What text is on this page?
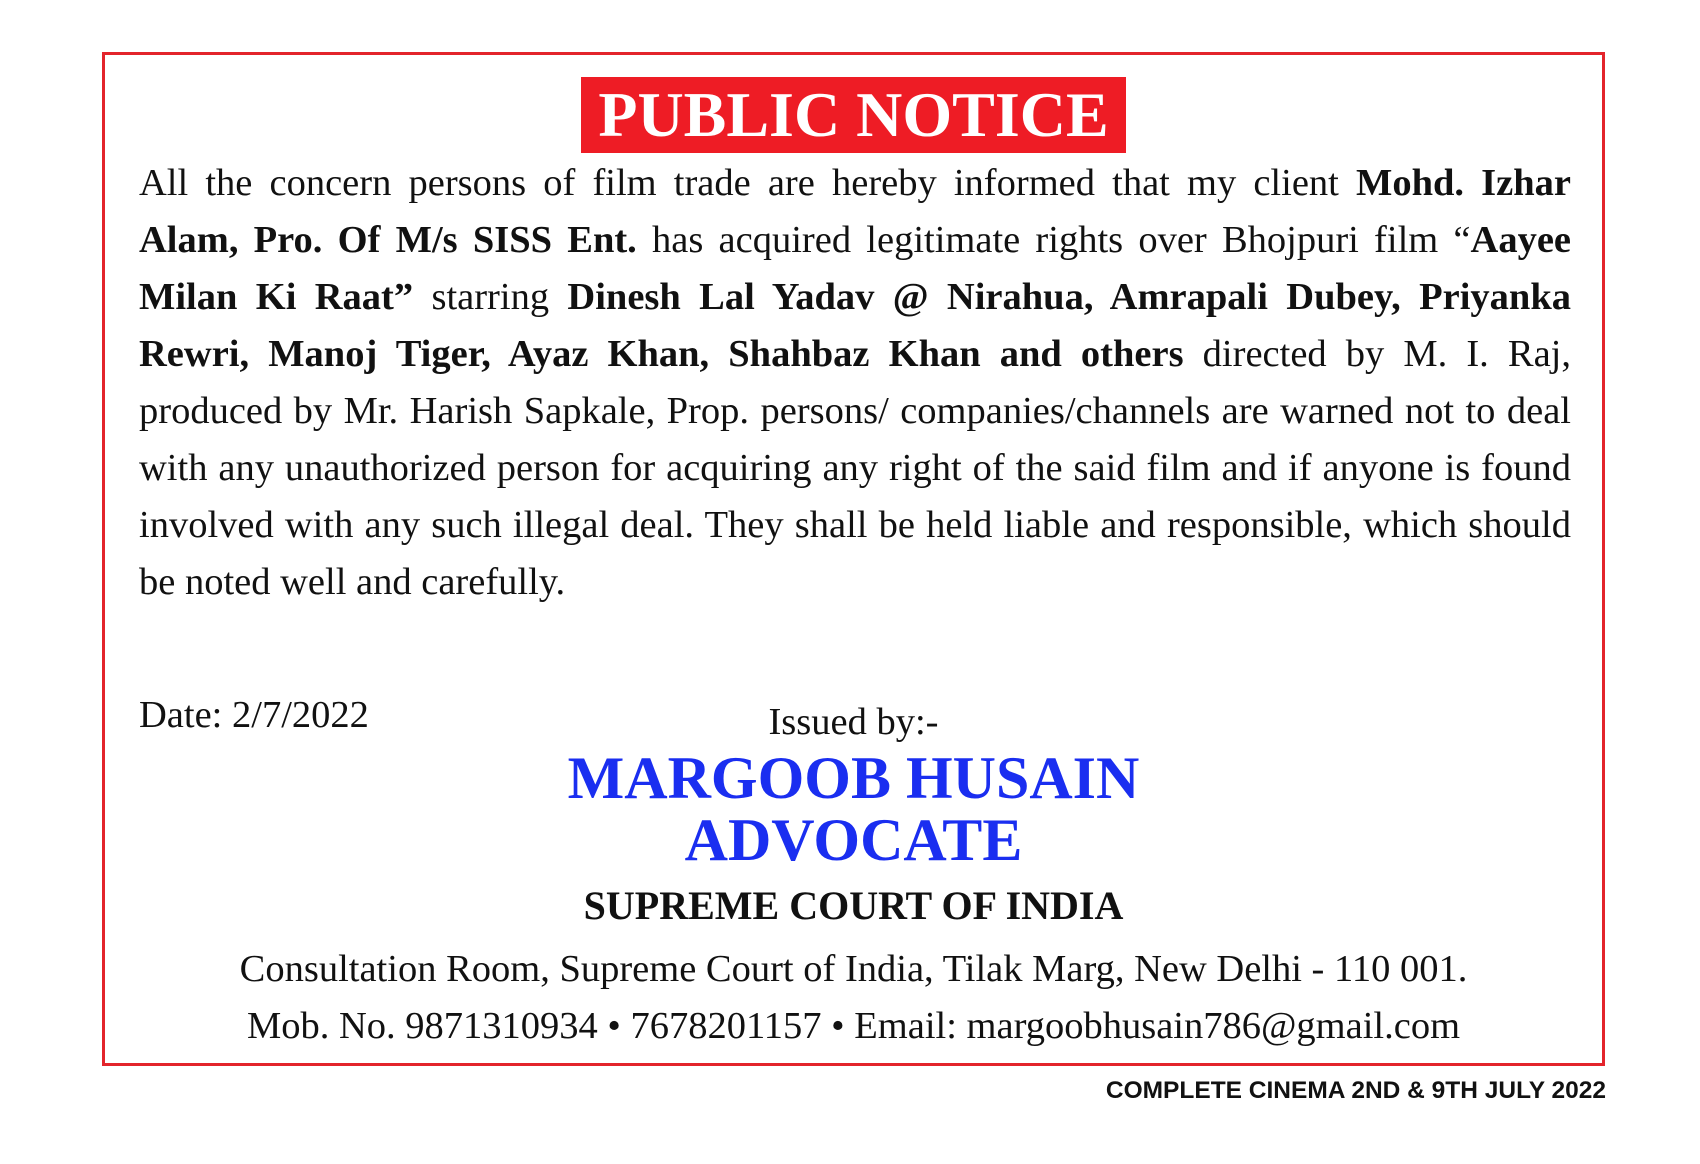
PUBLIC NOTICE
All the concern persons of film trade are hereby informed that my client Mohd. Izhar Alam, Pro. Of M/s SISS Ent. has acquired legitimate rights over Bhojpuri film “Aayee Milan Ki Raat” starring Dinesh Lal Yadav @ Nirahua, Amrapali Dubey, Priyanka Rewri, Manoj Tiger, Ayaz Khan, Shahbaz Khan and others directed by M. I. Raj, produced by Mr. Harish Sapkale, Prop. persons/ companies/channels are warned not to deal with any unauthorized person for acquiring any right of the said film and if anyone is found involved with any such illegal deal. They shall be held liable and responsible, which should be noted well and carefully.
Date: 2/7/2022	Issued by:-
MARGOOB HUSAIN
ADVOCATE
SUPREME COURT OF INDIA
Consultation Room, Supreme Court of India, Tilak Marg, New Delhi - 110 001.
Mob. No. 9871310934 • 7678201157 • Email: margoobhusain786@gmail.com
COMPLETE CINEMA 2ND & 9TH JULY 2022
